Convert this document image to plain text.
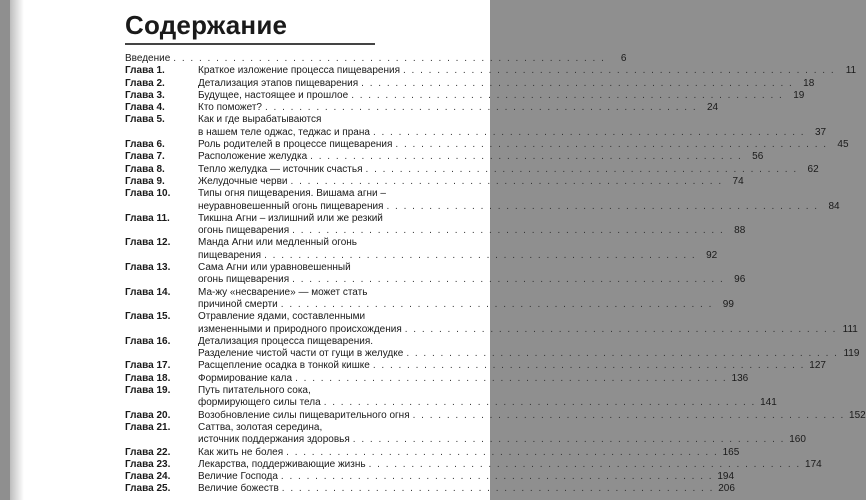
Содержание
Введение . . .	6
Глава 1.	Краткое изложение процесса пищеварения . . .	11
Глава 2.	Детализация этапов пищеварения . . .	18
Глава 3.	Будущее, настоящее и прошлое . . .	19
Глава 4.	Кто поможет? . . .	24
Глава 5.	Как и где вырабатываются
в нашем теле оджас, теджас и прана . . .	37
Глава 6.	Роль родителей в процессе пищеварения . . .	45
Глава 7.	Расположение желудка . . .	56
Глава 8.	Тепло желудка — источник счастья . . .	62
Глава 9.	Желудочные черви . . .	74
Глава 10.	Типы огня пищеварения. Вишама агни –
неуравновешенный огонь пищеварения . . .	84
Глава 11.	Тикшна Агни – излишний или же резкий
огонь пищеварения . . .	88
Глава 12.	Манда Агни или медленный огонь
пищеварения . . .	92
Глава 13.	Сама Агни или уравновешенный
огонь пищеварения . . .	96
Глава 14.	Ма-жу «несварение» — может стать
причиной смерти . . .	99
Глава 15.	Отравление ядами, составленными
измененными и природного происхождения . . .	111
Глава 16.	Детализация процесса пищеварения.
Разделение чистой части от гущи в желудке . . .	119
Глава 17.	Расщепление осадка в тонкой кишке . . .	127
Глава 18.	Формирование кала . . .	136
Глава 19.	Путь питательного сока,
формирующего силы тела . . .	141
Глава 20.	Возобновление силы пищеварительного огня . . .	152
Глава 21.	Саттва, золотая середина,
источник поддержания здоровья . . .	160
Глава 22.	Как жить не болея . . .	165
Глава 23.	Лекарства, поддерживающие жизнь . . .	174
Глава 24.	Величие Господа . . .	194
Глава 25.	Величие божеств . . .	206
